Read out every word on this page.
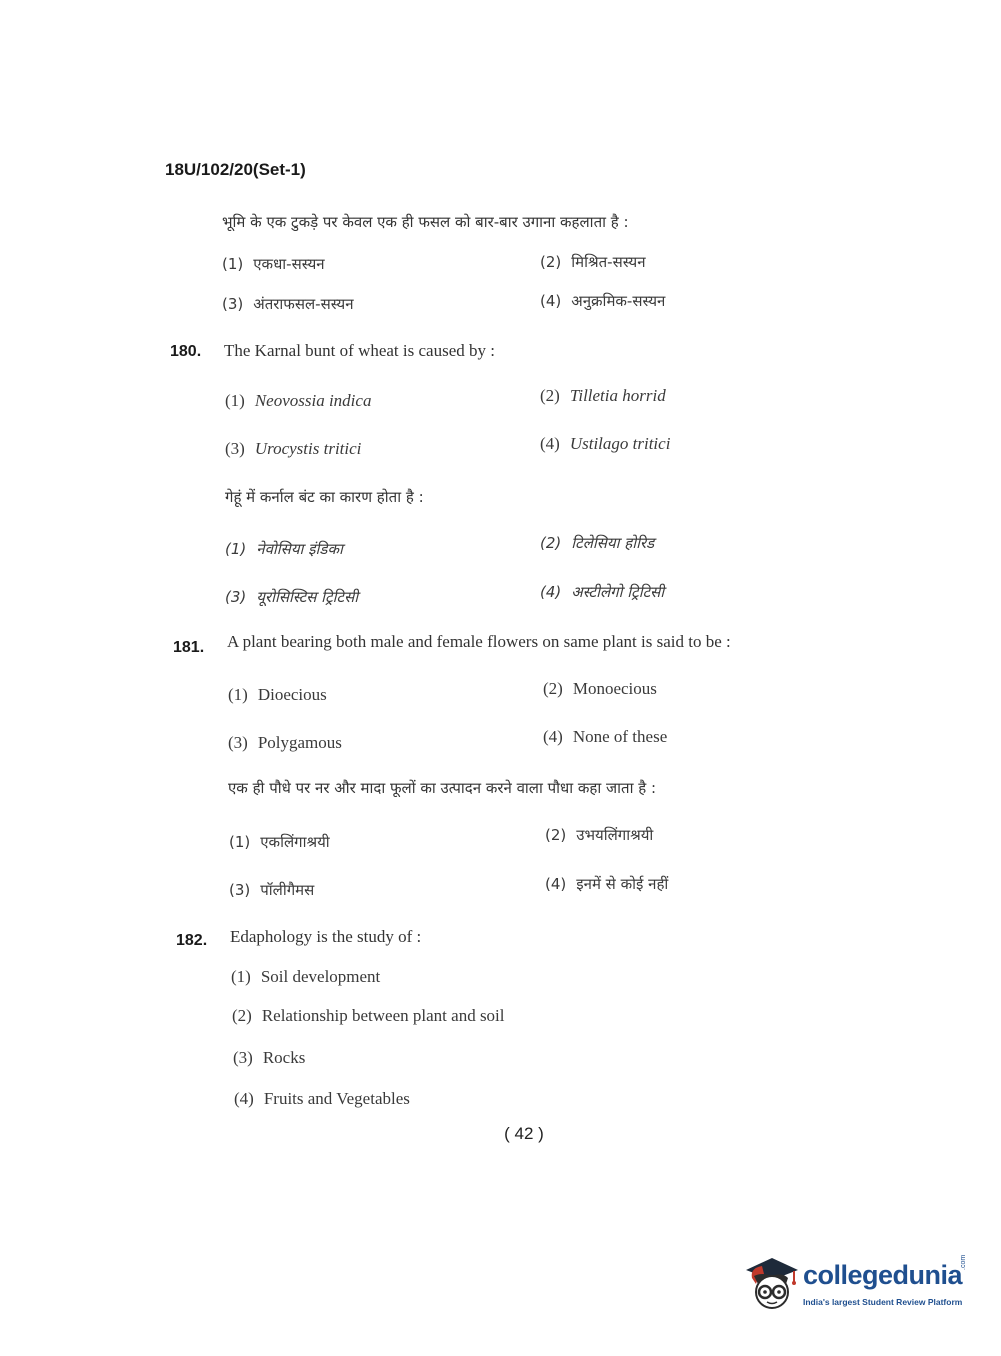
18U/102/20(Set-1)
भूमि के एक टुकड़े पर केवल एक ही फसल को बार-बार उगाना कहलाता है :
(1) एकधा-सस्यन	(2) मिश्रित-सस्यन
(3) अंतराफसल-सस्यन	(4) अनुक्रमिक-सस्यन
180. The Karnal bunt of wheat is caused by :
(1) Neovossia indica	(2) Tilletia horrid
(3) Urocystis tritici	(4) Ustilago tritici
गेहूं में कर्नाल बंट का कारण होता है :
(1) नेवोसिया इंडिका	(2) टिलेसिया होरिड
(3) यूरोसिस्टिस ट्रिटिसी	(4) अस्टीलेगो ट्रिटिसी
181. A plant bearing both male and female flowers on same plant is said to be :
(1) Dioecious	(2) Monoecious
(3) Polygamous	(4) None of these
एक ही पौधे पर नर और मादा फूलों का उत्पादन करने वाला पौधा कहा जाता है :
(1) एकलिंगाश्रयी	(2) उभयलिंगाश्रयी
(3) पॉलीगैमस	(4) इनमें से कोई नहीं
182. Edaphology is the study of :
(1) Soil development
(2) Relationship between plant and soil
(3) Rocks
(4) Fruits and Vegetables
( 42 )
collegedunia
.com
India's largest Student Review Platform
